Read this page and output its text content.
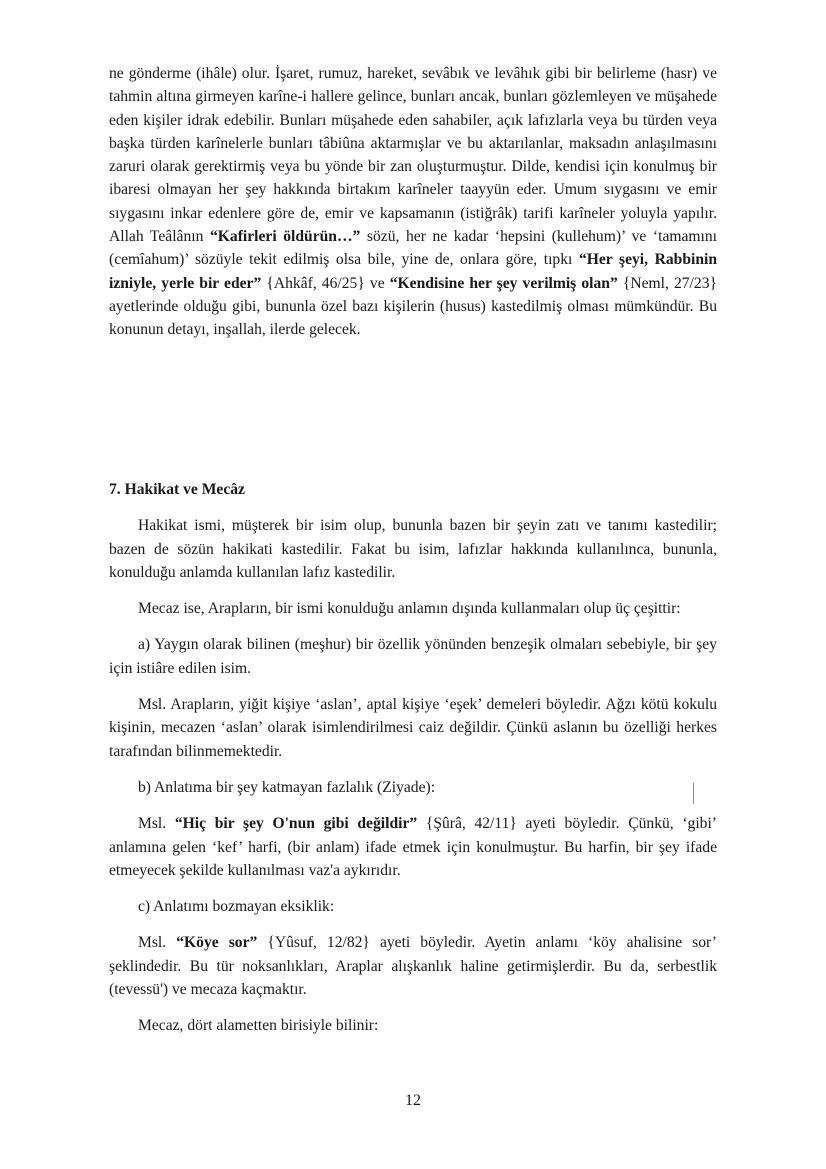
ne gönderme (ihâle) olur. İşaret, rumuz, hareket, sevâbık ve levâhık gibi bir belirleme (hasr) ve tahmin altına girmeyen karîne-i hallere gelince, bunları ancak, bunları gözlemleyen ve müşahede eden kişiler idrak edebilir. Bunları müşahede eden sahabiler, açık lafızlarla veya bu türden veya başka türden karînelerle bunları tâbiûna aktarmışlar ve bu aktarılanlar, maksadın anlaşılmasını zaruri olarak gerektirmiş veya bu yönde bir zan oluşturmuştur. Dilde, kendisi için konulmuş bir ibaresi olmayan her şey hakkında birtakım karîneler taayyün eder. Umum sıygasını ve emir sıygasını inkar edenlere göre de, emir ve kapsamanın (istiğrâk) tarifi karîneler yoluyla yapılır. Allah Teâlânın “Kafirleri öldürün…” sözü, her ne kadar ‘hepsini (kullehum)’ ve ‘tamamını (cemîahum)’ sözüyle tekit edilmiş olsa bile, yine de, onlara göre, tıpkı “Her şeyi, Rabbinin izniyle, yerle bir eder” {Ahkâf, 46/25} ve “Kendisine her şey verilmiş olan” {Neml, 27/23} ayetlerinde olduğu gibi, bununla özel bazı kişilerin (husus) kastedilmiş olması mümkündür. Bu konunun detayı, inşallah, ilerde gelecek.

7. Hakikat ve Mecâz

Hakikat ismi, müşterek bir isim olup, bununla bazen bir şeyin zatı ve tanımı kastedilir; bazen de sözün hakikati kastedilir. Fakat bu isim, lafızlar hakkında kullanılınca, bununla, konulduğu anlamda kullanılan lafız kastedilir.

Mecaz ise, Arapların, bir ismi konulduğu anlamın dışında kullanmaları olup üç çeşittir:

a) Yaygın olarak bilinen (meşhur) bir özellik yönünden benzeşik olmaları sebebiyle, bir şey için istiâre edilen isim.

Msl. Arapların, yiğit kişiye ‘aslan’, aptal kişiye ‘eşek’ demeleri böyledir. Ağzı kötü kokulu kişinin, mecazen ‘aslan’ olarak isimlendirilmesi caiz değildir. Çünkü aslanın bu özelliği herkes tarafından bilinmemektedir.

b) Anlatıma bir şey katmayan fazlalık (Ziyade):

Msl. “Hiç bir şey O'nun gibi değildir” {Şûrâ, 42/11} ayeti böyledir. Çünkü, ‘gibi’ anlamına gelen ‘kef’ harfi, (bir anlam) ifade etmek için konulmuştur. Bu harfin, bir şey ifade etmeyecek şekilde kullanılması vaz'a aykırıdır.

c) Anlatımı bozmayan eksiklik:

Msl. “Köye sor” {Yûsuf, 12/82} ayeti böyledir. Ayetin anlamı ‘köy ahalisine sor’ şeklindedir. Bu tür noksanlıkları, Araplar alışkanlık haline getirmişlerdir. Bu da, serbestlik (tevessü') ve mecaza kaçmaktır.

Mecaz, dört alametten birisiyle bilinir:

12
